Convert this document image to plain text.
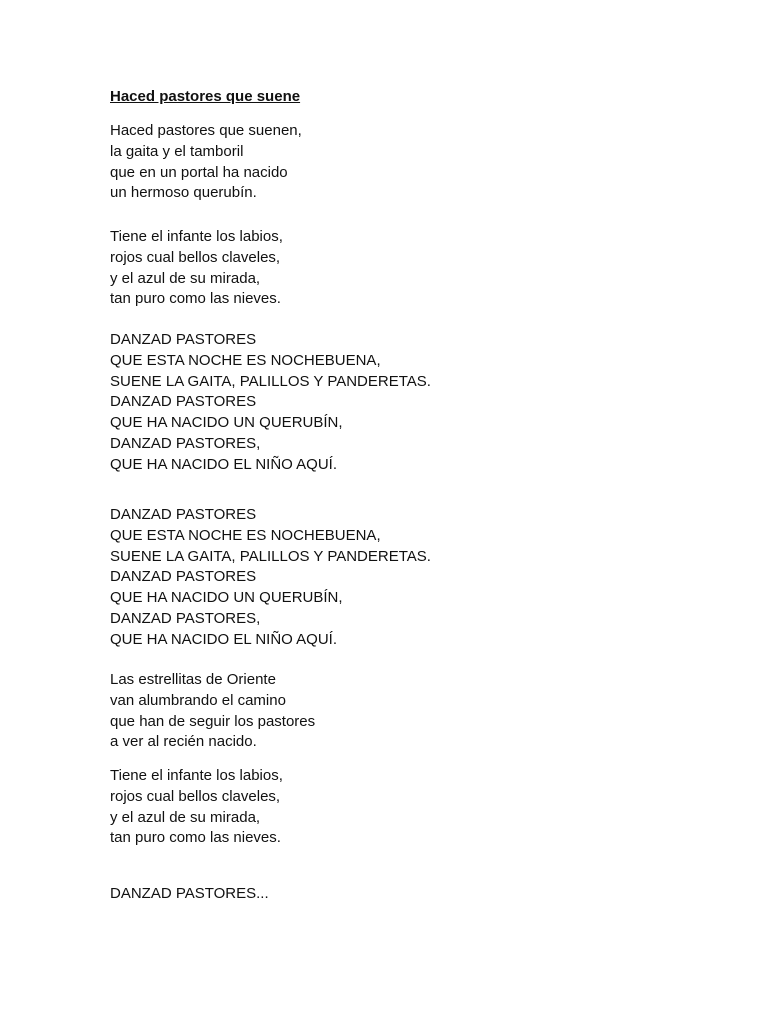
Haced pastores que suene
Haced pastores que suenen,
la gaita y el tamboril
que en un portal ha nacido
un hermoso querubín.
Tiene el infante los labios,
rojos cual bellos claveles,
y el azul de su mirada,
tan puro como las nieves.
DANZAD PASTORES
QUE ESTA NOCHE ES NOCHEBUENA,
SUENE LA GAITA, PALILLOS Y PANDERETAS.
DANZAD PASTORES
QUE HA NACIDO UN QUERUBÍN,
DANZAD PASTORES,
QUE HA NACIDO EL NIÑO AQUÍ.
DANZAD PASTORES
QUE ESTA NOCHE ES NOCHEBUENA,
SUENE LA GAITA, PALILLOS Y PANDERETAS.
DANZAD PASTORES
QUE HA NACIDO UN QUERUBÍN,
DANZAD PASTORES,
QUE HA NACIDO EL NIÑO AQUÍ.
Las estrellitas de Oriente
van alumbrando el camino
que han de seguir los pastores
a ver al recién nacido.
Tiene el infante los labios,
rojos cual bellos claveles,
y el azul de su mirada,
tan puro como las nieves.
DANZAD PASTORES...
